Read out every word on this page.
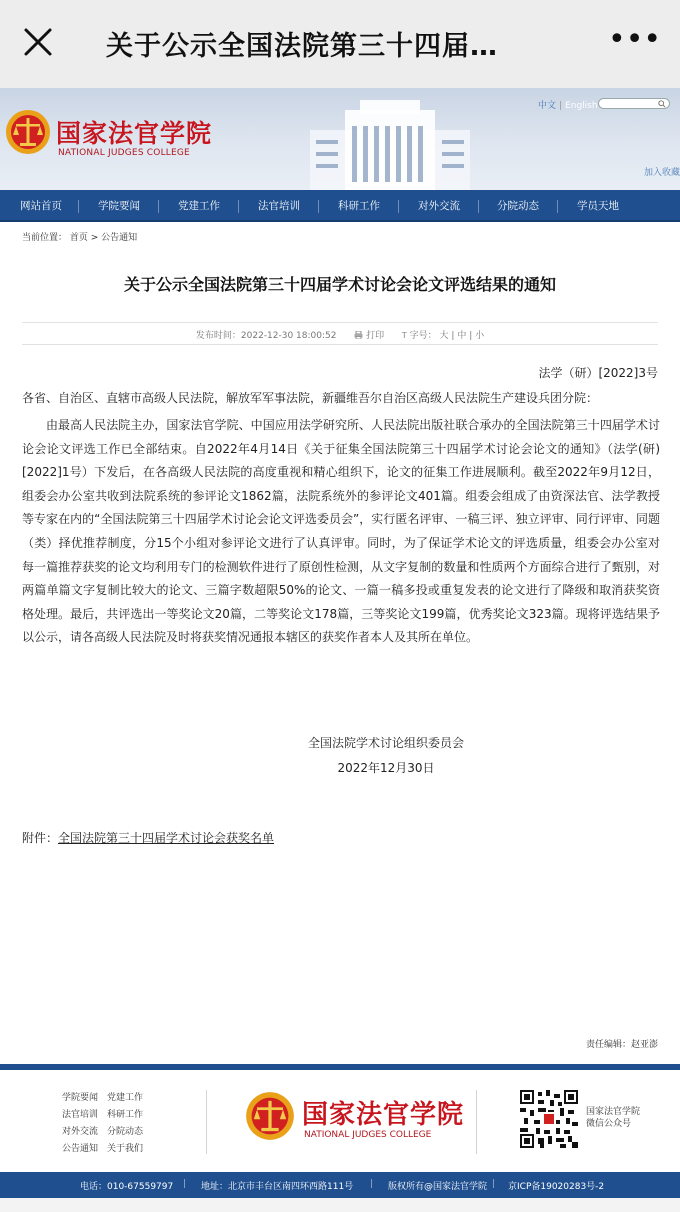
关于公示全国法院第三十四届…	•••
国家法官学院
NATIONAL JUDGES COLLEGE
中文 | English
加入收藏
网站首页	学院要闻	党建工作	法官培训	科研工作	对外交流	分院动态	学员天地
当前位置： 首页 > 公告通知
关于公示全国法院第三十四届学术讨论会论文评选结果的通知
发布时间：2022-12-30 18:00:52	打印 T 字号： 大 | 中 | 小
法学（研）[2022]3号
各省、自治区、直辖市高级人民法院，解放军军事法院，新疆维吾尔自治区高级人民法院生产建设兵团分院：

由最高人民法院主办，国家法官学院、中国应用法学研究所、人民法院出版社联合承办的全国法院第三十四届学术讨论会论文评选工作已全部结束。自2022年4月14日《关于征集全国法院第三十四届学术讨论会论文的通知》（法学(研)[2022]1号）下发后，在各高级人民法院的高度重视和精心组织下，论文的征集工作进展顺利。截至2022年9月12日，组委会办公室共收到法院系统的参评论文1862篇，法院系统外的参评论文401篇。组委会组成了由资深法官、法学教授等专家在内的“全国法院第三十四届学术讨论会论文评选委员会”，实行匿名评审、一稿三评、独立评审、同行评审、同题（类）择优推荐制度，分15个小组对参评论文进行了认真评审。同时，为了保证学术论文的评选质量，组委会办公室对每一篇推荐获奖的论文均利用专门的检测软件进行了原创性检测，从文字复制的数量和性质两个方面综合进行了甄别，对两篇单篇文字复制比较大的论文、三篇字数超限50%的论文、一篇一稿多投或重复发表的论文进行了降级和取消获奖资格处理。最后，共评选出一等奖论文20篇，二等奖论文178篇，三等奖论文199篇，优秀奖论文323篇。现将评选结果予以公示，请各高级人民法院及时将获奖情况通报本辖区的获奖作者本人及其所在单位。

全国法院学术讨论组织委员会
2022年12月30日
附件：全国法院第三十四届学术讨论会获奖名单
责任编辑：赵亚澎
学院要闻 党建工作
法官培训 科研工作
对外交流 分院动态
公告通知 关于我们
国家法官学院
NATIONAL JUDGES COLLEGE
国家法官学院
微信公众号
电话：010-67559797 | 地址：北京市丰台区南四环西路111号 | 版权所有@国家法官学院 | 京ICP备19020283号-2
